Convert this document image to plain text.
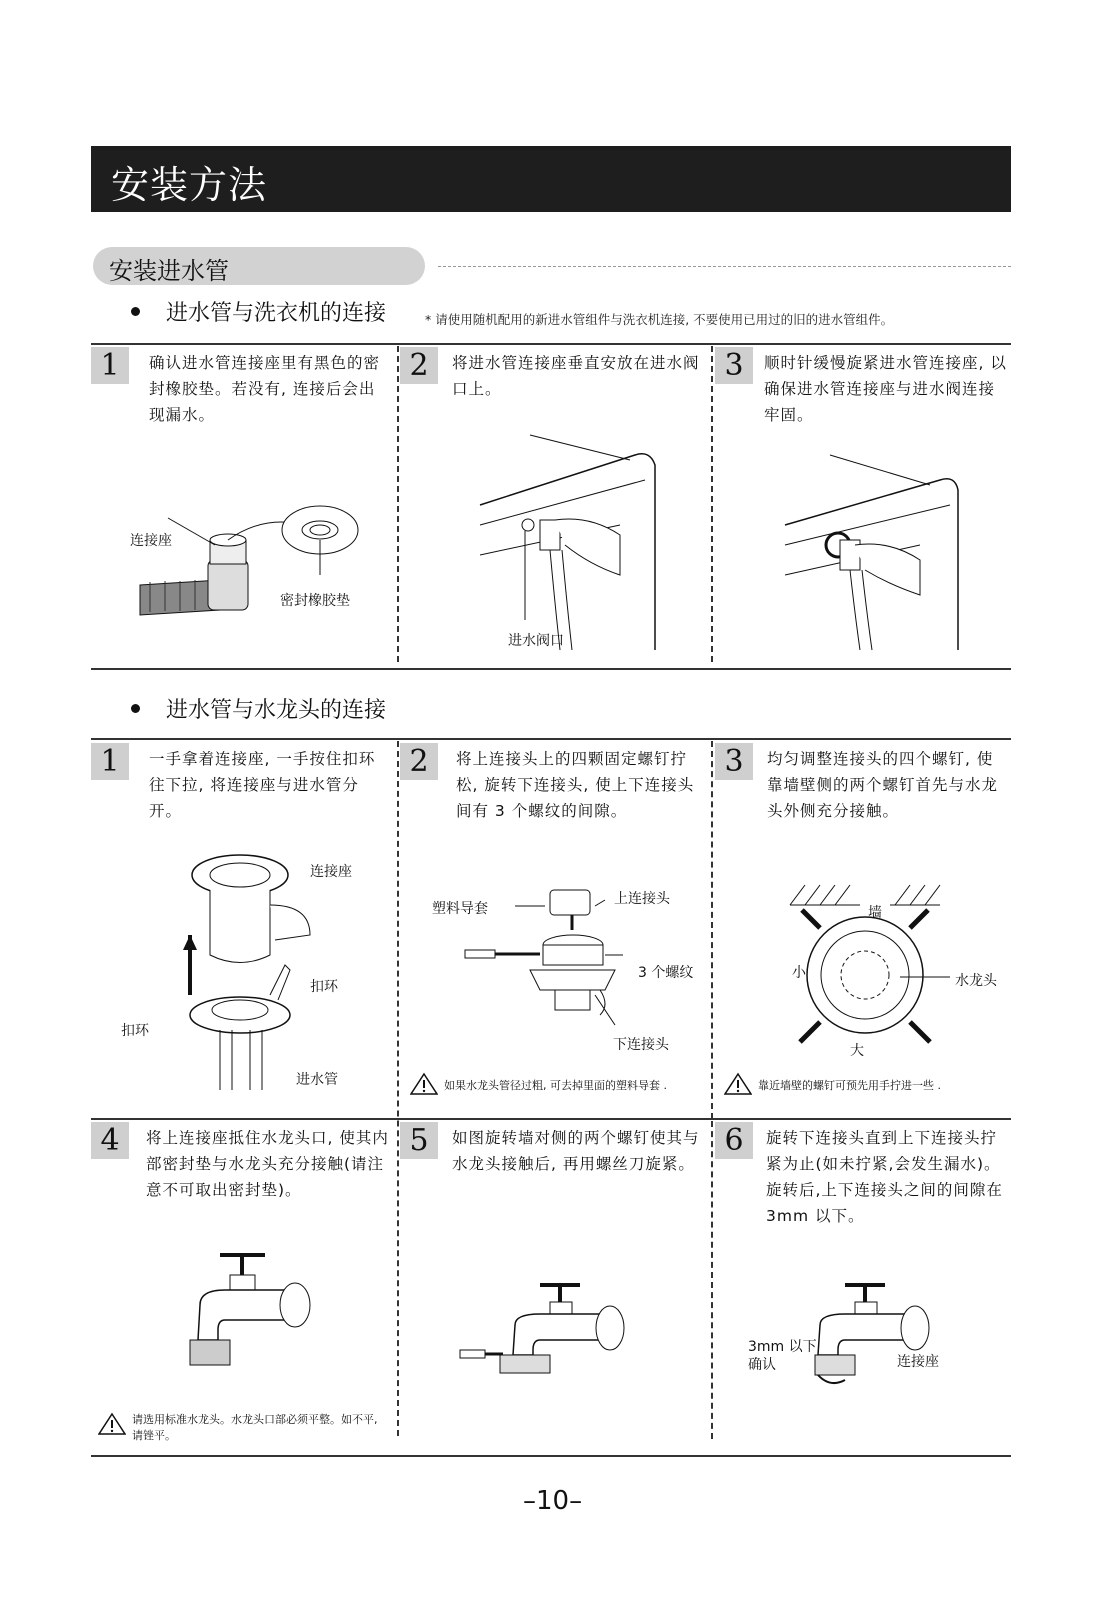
安装方法
安装进水管
进水管与洗衣机的连接	* 请使用随机配用的新进水管组件与洗衣机连接, 不要使用已用过的旧的进水管组件。
1	确认进水管连接座里有黑色的密封橡胶垫。若没有, 连接后会出现漏水。
2	将进水管连接座垂直安放在进水阀口上。
3	顺时针缓慢旋紧进水管连接座, 以确保进水管连接座与进水阀连接牢固。
连接座
密封橡胶垫
进水阀口
进水管与水龙头的连接
1	一手拿着连接座, 一手按住扣环往下拉, 将连接座与进水管分开。
2	将上连接头上的四颗固定螺钉拧松, 旋转下连接头, 使上下连接头间有 3 个螺纹的间隙。
3	均匀调整连接头的四个螺钉, 使靠墙壁侧的两个螺钉首先与水龙头外侧充分接触。
连接座
扣环
扣环
进水管
塑料导套
上连接头
3 个螺纹
下连接头
墙
小
大
水龙头
如果水龙头管径过粗, 可去掉里面的塑料导套 .	靠近墙壁的螺钉可预先用手拧进一些 .
4	将上连接座抵住水龙头口, 使其内部密封垫与水龙头充分接触(请注意不可取出密封垫)。
5	如图旋转墙对侧的两个螺钉使其与水龙头接触后, 再用螺丝刀旋紧。
6	旋转下连接头直到上下连接头拧紧为止(如未拧紧,会发生漏水)。旋转后,上下连接头之间的间隙在 3mm 以下。
3mm 以下
确认	连接座
请选用标准水龙头。水龙头口部必须平整。如不平, 请锉平。
–10–
